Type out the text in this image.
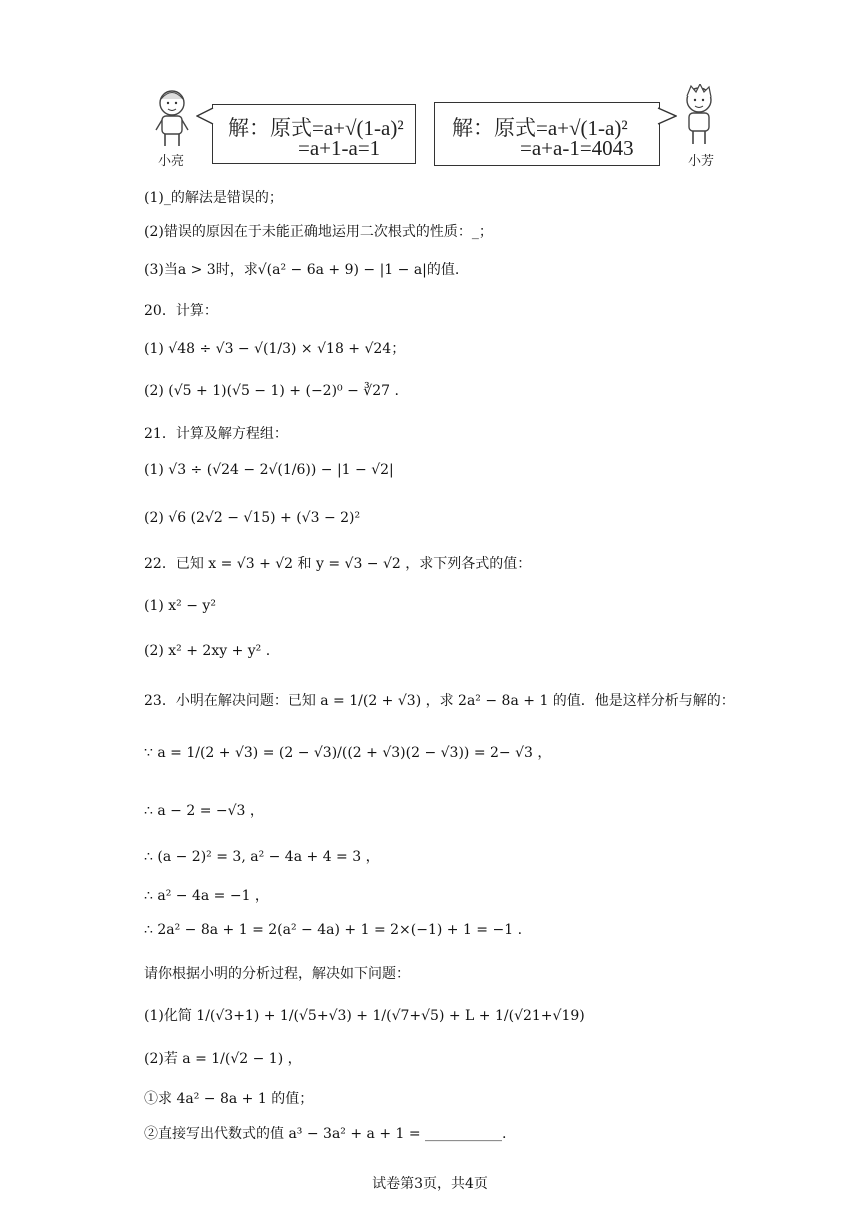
小亮
解：原式=a+√(1-a)²
=a+1-a=1
解：原式=a+√(1-a)²
=a+a-1=4043
小芳
(1)_的解法是错误的；
(2)错误的原因在于未能正确地运用二次根式的性质：_；
(3)当a > 3时，求√(a² − 6a + 9) − |1 − a|的值.
20．计算：
(1) √48 ÷ √3 − √(1/3) × √18 + √24；
(2) (√5 + 1)(√5 − 1) + (−2)⁰ − ∛27 .
21．计算及解方程组：
(1) √3 ÷ (√24 − 2√(1/6)) − |1 − √2|
(2) √6 (2√2 − √15) + (√3 − 2)²
22．已知 x = √3 + √2 和 y = √3 − √2 ，求下列各式的值：
(1) x² − y²
(2) x² + 2xy + y² .
23．小明在解决问题：已知 a = 1/(2 + √3) ，求 2a² − 8a + 1 的值．他是这样分析与解的：
∵ a = 1/(2 + √3) = (2 − √3)/((2 + √3)(2 − √3)) = 2− √3 ，
∴ a − 2 = −√3 ，
∴ (a − 2)² = 3, a² − 4a + 4 = 3 ，
∴ a² − 4a = −1 ，
∴ 2a² − 8a + 1 = 2(a² − 4a) + 1 = 2×(−1) + 1 = −1 .
请你根据小明的分析过程，解决如下问题：
(1)化简 1/(√3+1) + 1/(√5+√3) + 1/(√7+√5) + L + 1/(√21+√19)
(2)若 a = 1/(√2 − 1) ，
①求 4a² − 8a + 1 的值；
②直接写出代数式的值 a³ − 3a² + a + 1 = ___________.
试卷第3页，共4页
